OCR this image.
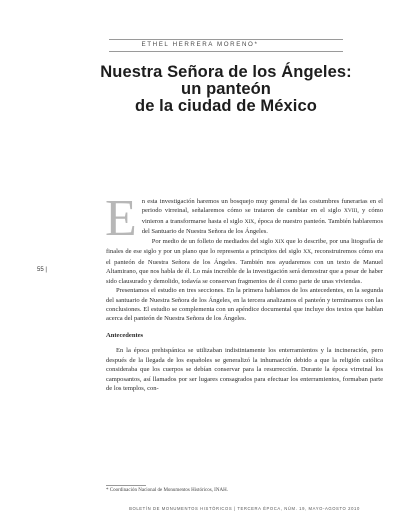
ETHEL HERRERA MORENO*
Nuestra Señora de los Ángeles:
un panteón
de la ciudad de México
55 |

En esta investigación haremos un bosquejo muy general de las costumbres funerarias en el periodo virreinal, señalaremos cómo se trataron de cambiar en el siglo XVIII, y cómo vinieron a transformarse hasta el siglo XIX, época de nuestro panteón. También hablaremos del Santuario de Nuestra Señora de los Ángeles.

Por medio de un folleto de mediados del siglo XIX que lo describe, por una litografía de finales de ese siglo y por un plano que lo representa a principios del siglo XX, reconstruiremos cómo era el panteón de Nuestra Señora de los Ángeles. También nos ayudaremos con un texto de Manuel Altamirano, que nos habla de él. Lo más increíble de la investigación será demostrar que a pesar de haber sido clausurado y demolido, todavía se conservan fragmentos de él como parte de unas viviendas.

Presentamos el estudio en tres secciones. En la primera hablamos de los antecedentes, en la segunda del santuario de Nuestra Señora de los Ángeles, en la tercera analizamos el panteón y terminamos con las conclusiones. El estudio se complementa con un apéndice documental que incluye dos textos que hablan acerca del panteón de Nuestra Señora de los Ángeles.

Antecedentes

En la época prehispánica se utilizaban indistintamente los enterramientos y la incineración, pero después de la llegada de los españoles se generalizó la inhumación debido a que la religión católica consideraba que los cuerpos se debían conservar para la resurrección. Durante la época virreinal los camposantos, así llamados por ser lugares consagrados para efectuar los enterramientos, formaban parte de los templos, con-

* Coordinación Nacional de Monumentos Históricos, INAH.
BOLETÍN DE MONUMENTOS HISTÓRICOS | TERCERA ÉPOCA, NÚM. 19, MAYO-AGOSTO 2010
